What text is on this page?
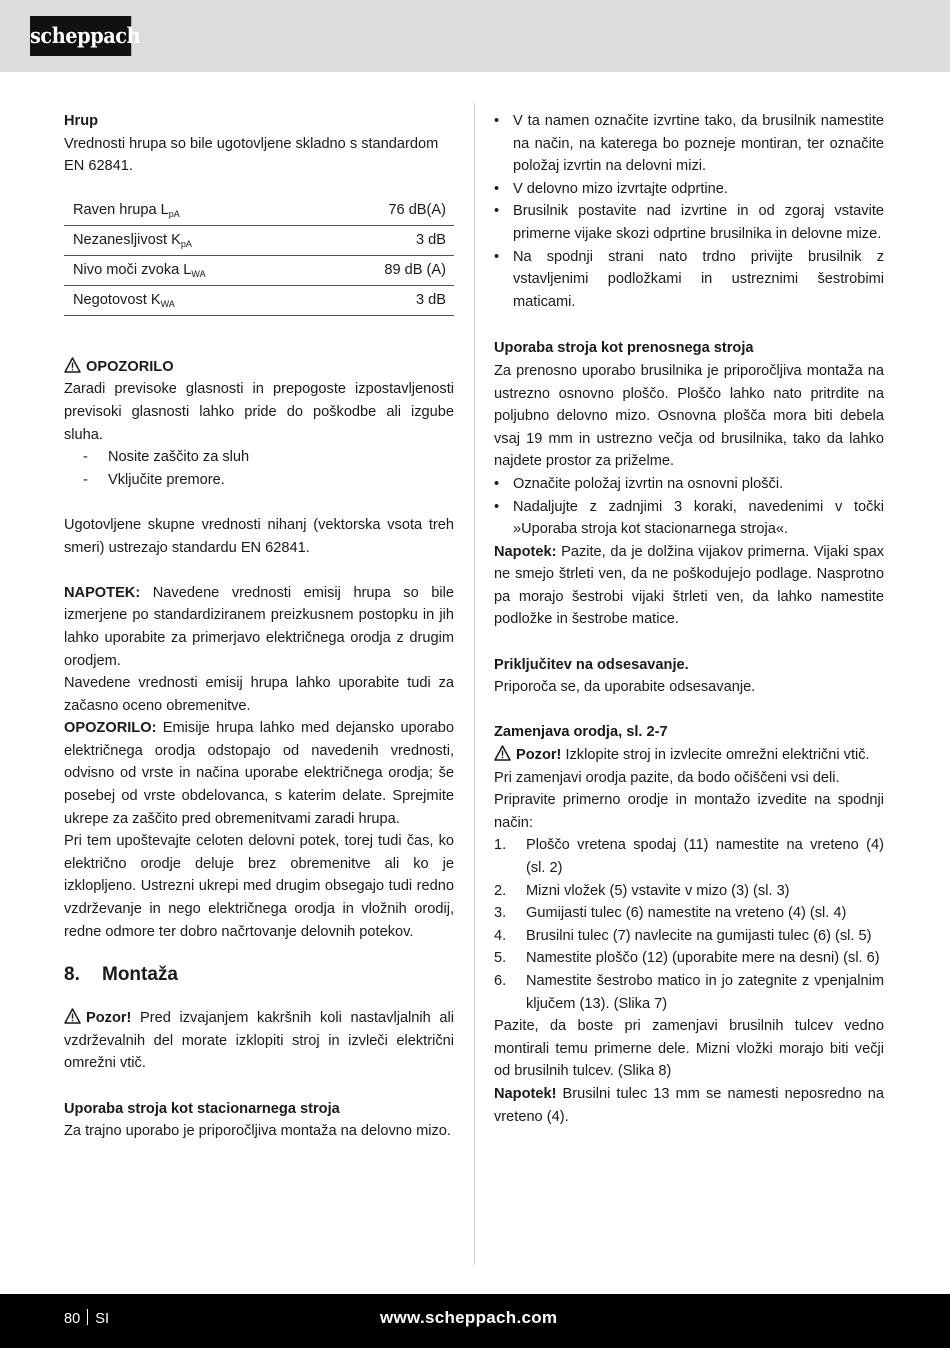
scheppach

Hrup

Vrednosti hrupa so bile ugotovljene skladno s standardom EN 62841.

Raven hrupa $L_{pA}$	76 dB(A)
Nezanesljivost $K_{pA}$	3 dB
Nivo moči zvoka $L_{WA}$	89 dB (A)
Negotovost $K_{WA}$	3 dB

OPOZORILO

Zaradi previsoke glasnosti in prepogoste izpostavljenosti previsoki glasnosti lahko pride do poškodbe ali izgube sluha.

- Nosite zaščito za sluh
- Vključite premore.

Ugotovljene skupne vrednosti nihanj (vektorska vsota treh smeri) ustrezajo standardu EN 62841.

NAPOTEK: Navedene vrednosti emisij hrupa so bile izmerjene po standardiziranem preizkusnem postopku in jih lahko uporabite za primerjavo električnega orodja z drugim orodjem.

Navedene vrednosti emisij hrupa lahko uporabite tudi za začasno oceno obremenitve.

OPOZORILO: Emisije hrupa lahko med dejansko uporabo električnega orodja odstopajo od navedenih vrednosti, odvisno od vrste in načina uporabe električnega orodja; še posebej od vrste obdelovanca, s katerim delate. Sprejmite ukrepe za zaščito pred obremenitvami zaradi hrupa.

Pri tem upoštevajte celoten delovni potek, torej tudi čas, ko električno orodje deluje brez obremenitve ali ko je izklopljeno. Ustrezni ukrepi med drugim obsegajo tudi redno vzdrževanje in nego električnega orodja in vložnih orodij, redne odmore ter dobro načrtovanje delovnih potekov.

8. Montaža

Pozor! Pred izvajanjem kakršnih koli nastavljalnih ali vzdrževalnih del morate izklopiti stroj in izvleči električni omrežni vtič.

Uporaba stroja kot stacionarnega stroja

Za trajno uporabo je priporočljiva montaža na delovno mizo.

• V ta namen označite izvrtine tako, da brusilnik namestite na način, na katerega bo pozneje montiran, ter označite položaj izvrtin na delovni mizi.
• V delovno mizo izvrtajte odprtine.
• Brusilnik postavite nad izvrtine in od zgoraj vstavite primerne vijake skozi odprtine brusilnika in delovne mize.
• Na spodnji strani nato trdno privijte brusilnik z vstavljenimi podložkami in ustreznimi šestrobimi maticami.

Uporaba stroja kot prenosnega stroja

Za prenosno uporabo brusilnika je priporočljiva montaža na ustrezno osnovno ploščo. Ploščo lahko nato pritrdite na poljubno delovno mizo. Osnovna plošča mora biti debela vsaj 19 mm in ustrezno večja od brusilnika, tako da lahko najdete prostor za priželme.

• Označite položaj izvrtin na osnovni plošči.
• Nadaljujte z zadnjimi 3 koraki, navedenimi v točki »Uporaba stroja kot stacionarnega stroja«.

Napotek: Pazite, da je dolžina vijakov primerna. Vijaki spax ne smejo štrleti ven, da ne poškodujejo podlage. Nasprotno pa morajo šestrobi vijaki štrleti ven, da lahko namestite podložke in šestrobe matice.

Priključitev na odsesavanje.

Priporoča se, da uporabite odsesavanje.

Zamenjava orodja, sl. 2-7

Pozor! Izklopite stroj in izvlecite omrežni električni vtič.

Pri zamenjavi orodja pazite, da bodo očiščeni vsi deli.

Pripravite primerno orodje in montažo izvedite na spodnji način:

1. Ploščo vretena spodaj (11) namestite na vreteno (4) (sl. 2)
2. Mizni vložek (5) vstavite v mizo (3) (sl. 3)
3. Gumijasti tulec (6) namestite na vreteno (4) (sl. 4)
4. Brusilni tulec (7) navlecite na gumijasti tulec (6) (sl. 5)
5. Namestite ploščo (12) (uporabite mere na desni) (sl. 6)
6. Namestite šestrobo matico in jo zategnite z vpenjalnim ključem (13). (Slika 7)

Pazite, da boste pri zamenjavi brusilnih tulcev vedno montirali temu primerne dele. Mizni vložki morajo biti večji od brusilnih tulcev. (Slika 8)

Napotek! Brusilni tulec 13 mm se namesti neposredno na vreteno (4).

80 SI	www.scheppach.com
